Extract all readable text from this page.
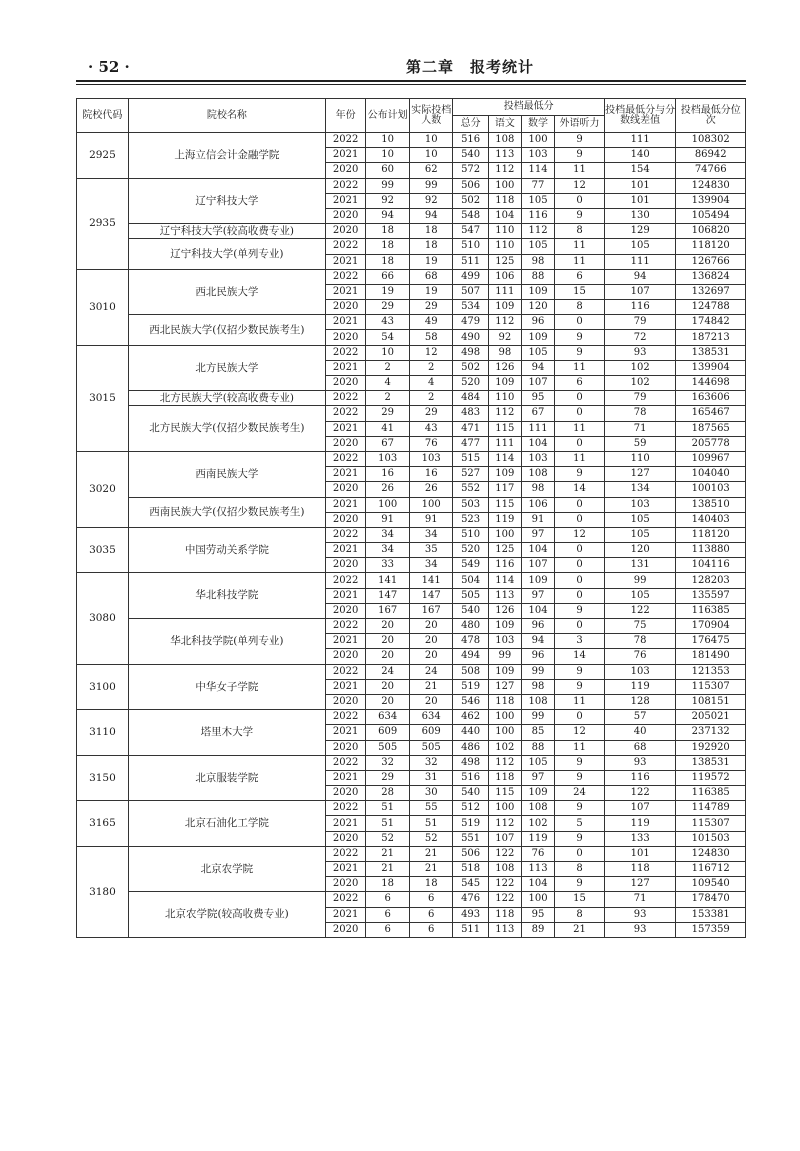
· 52 ·	第二章　报考统计
院校代码	院校名称	年份	公布计划	实际投档人数	投档最低分				投档最低分与分数线差值	投档最低分位次
					总分	语文	数学	外语听力		
2925	上海立信会计金融学院	2022	10	10	516	108	100	9	111	108302
		2021	10	10	540	113	103	9	140	86942
		2020	60	62	572	112	114	11	154	74766
2935	辽宁科技大学	2022	99	99	506	100	77	12	101	124830
		2021	92	92	502	118	105	0	101	139904
		2020	94	94	548	104	116	9	130	105494
	辽宁科技大学(较高收费专业)	2020	18	18	547	110	112	8	129	106820
	辽宁科技大学(单列专业)	2022	18	18	510	110	105	11	105	118120
		2021	18	19	511	125	98	11	111	126766
3010	西北民族大学	2022	66	68	499	106	88	6	94	136824
		2021	19	19	507	111	109	15	107	132697
		2020	29	29	534	109	120	8	116	124788
	西北民族大学(仅招少数民族考生)	2021	43	49	479	112	96	0	79	174842
		2020	54	58	490	92	109	9	72	187213
3015	北方民族大学	2022	10	12	498	98	105	9	93	138531
		2021	2	2	502	126	94	11	102	139904
		2020	4	4	520	109	107	6	102	144698
	北方民族大学(较高收费专业)	2022	2	2	484	110	95	0	79	163606
	北方民族大学(仅招少数民族考生)	2022	29	29	483	112	67	0	78	165467
		2021	41	43	471	115	111	11	71	187565
		2020	67	76	477	111	104	0	59	205778
3020	西南民族大学	2022	103	103	515	114	103	11	110	109967
		2021	16	16	527	109	108	9	127	104040
		2020	26	26	552	117	98	14	134	100103
	西南民族大学(仅招少数民族考生)	2021	100	100	503	115	106	0	103	138510
		2020	91	91	523	119	91	0	105	140403
3035	中国劳动关系学院	2022	34	34	510	100	97	12	105	118120
		2021	34	35	520	125	104	0	120	113880
		2020	33	34	549	116	107	0	131	104116
3080	华北科技学院	2022	141	141	504	114	109	0	99	128203
		2021	147	147	505	113	97	0	105	135597
		2020	167	167	540	126	104	9	122	116385
	华北科技学院(单列专业)	2022	20	20	480	109	96	0	75	170904
		2021	20	20	478	103	94	3	78	176475
		2020	20	20	494	99	96	14	76	181490
3100	中华女子学院	2022	24	24	508	109	99	9	103	121353
		2021	20	21	519	127	98	9	119	115307
		2020	20	20	546	118	108	11	128	108151
3110	塔里木大学	2022	634	634	462	100	99	0	57	205021
		2021	609	609	440	100	85	12	40	237132
		2020	505	505	486	102	88	11	68	192920
3150	北京服装学院	2022	32	32	498	112	105	9	93	138531
		2021	29	31	516	118	97	9	116	119572
		2020	28	30	540	115	109	24	122	116385
3165	北京石油化工学院	2022	51	55	512	100	108	9	107	114789
		2021	51	51	519	112	102	5	119	115307
		2020	52	52	551	107	119	9	133	101503
3180	北京农学院	2022	21	21	506	122	76	0	101	124830
		2021	21	21	518	108	113	8	118	116712
		2020	18	18	545	122	104	9	127	109540
	北京农学院(较高收费专业)	2022	6	6	476	122	100	15	71	178470
		2021	6	6	493	118	95	8	93	153381
		2020	6	6	511	113	89	21	93	157359
